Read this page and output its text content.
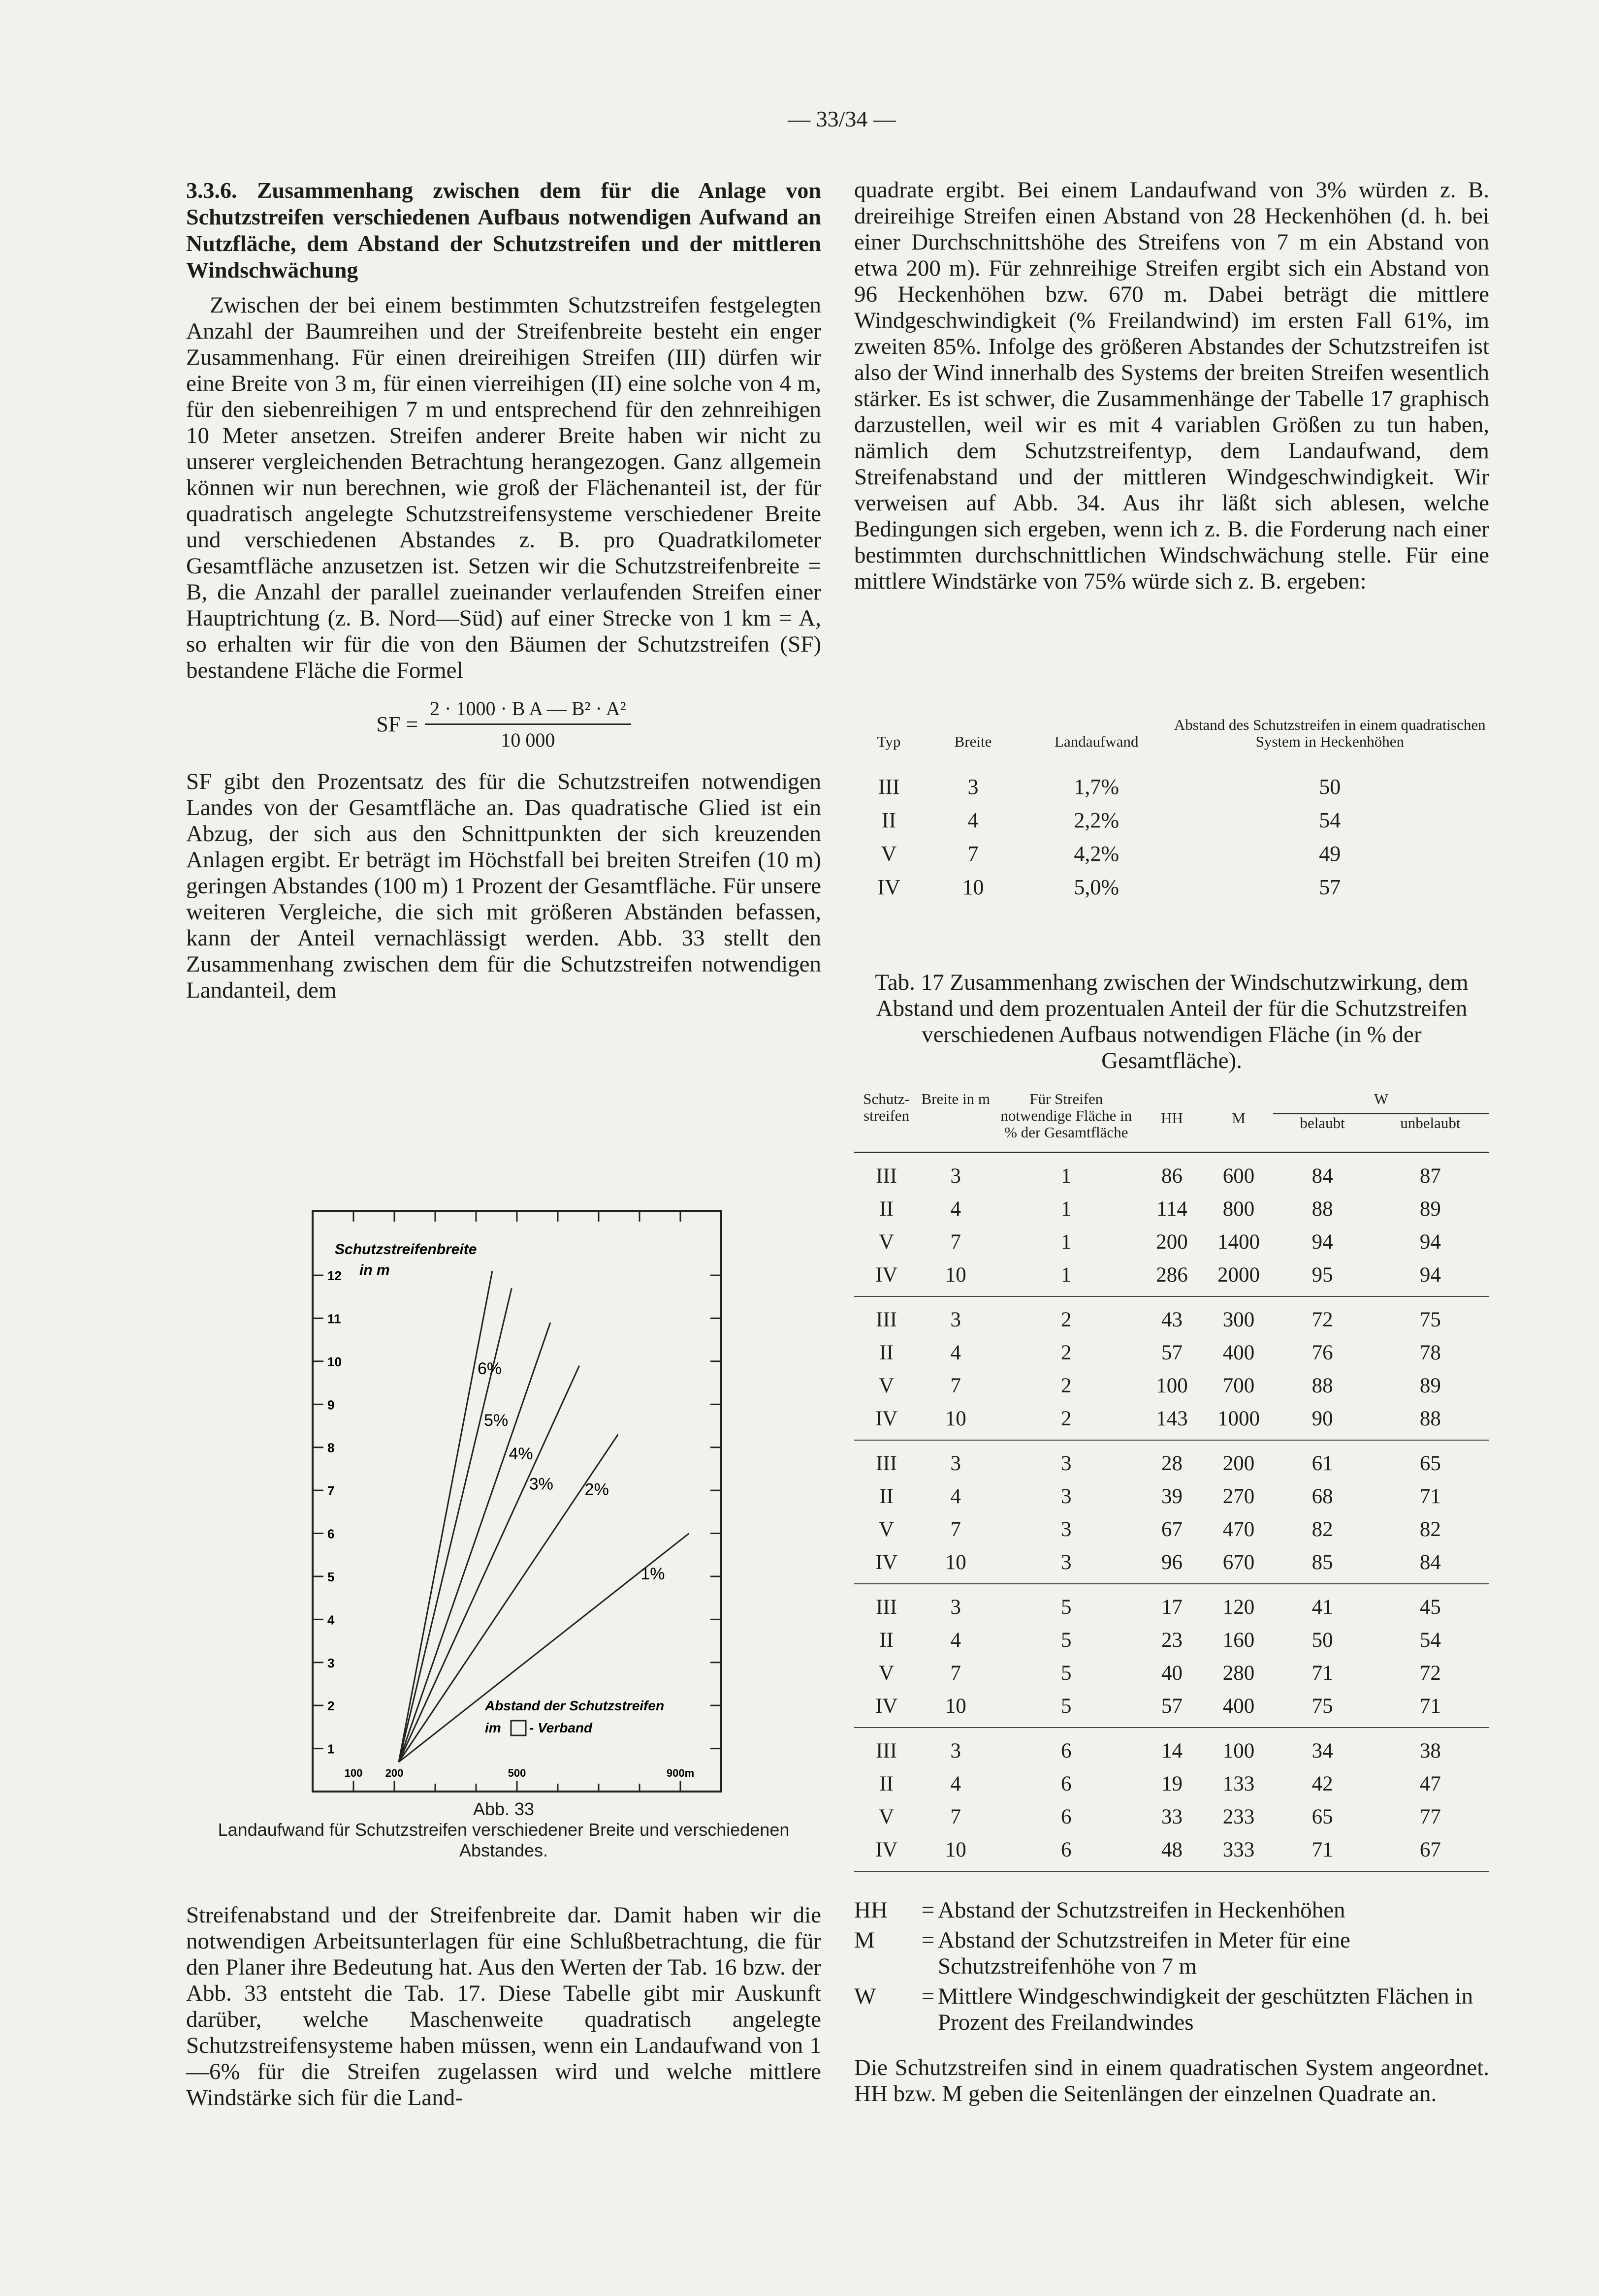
— 33/34 —
3.3.6. Zusammenhang zwischen dem für die Anlage von Schutzstreifen verschiedenen Aufbaus notwendigen Aufwand an Nutzfläche, dem Abstand der Schutzstreifen und der mittleren Windschwächung

Zwischen der bei einem bestimmten Schutzstreifen festgelegten Anzahl der Baumreihen und der Streifenbreite besteht ein enger Zusammenhang. Für einen dreireihigen Streifen (III) dürfen wir eine Breite von 3 m, für einen vierreihigen (II) eine solche von 4 m, für den siebenreihigen 7 m und entsprechend für den zehnreihigen 10 Meter ansetzen. Streifen anderer Breite haben wir nicht zu unserer vergleichenden Betrachtung herangezogen. Ganz allgemein können wir nun berechnen, wie groß der Flächenanteil ist, der für quadratisch angelegte Schutzstreifensysteme verschiedener Breite und verschiedenen Abstandes z. B. pro Quadratkilometer Gesamtfläche anzusetzen ist. Setzen wir die Schutzstreifenbreite = B, die Anzahl der parallel zueinander verlaufenden Streifen einer Hauptrichtung (z. B. Nord—Süd) auf einer Strecke von 1 km = A, so erhalten wir für die von den Bäumen der Schutzstreifen (SF) bestandene Fläche die Formel

SF = $\frac{\text{2 · 1000 · B A — B² · A²}}{10 000}$

SF gibt den Prozentsatz des für die Schutzstreifen notwendigen Landes von der Gesamtfläche an. Das quadratische Glied ist ein Abzug, der sich aus den Schnittpunkten der sich kreuzenden Anlagen ergibt. Er beträgt im Höchstfall bei breiten Streifen (10 m) geringen Abstandes (100 m) 1 Prozent der Gesamtfläche. Für unsere weiteren Vergleiche, die sich mit größeren Abständen befassen, kann der Anteil vernachlässigt werden. Abb. 33 stellt den Zusammenhang zwischen dem für die Schutzstreifen notwendigen Landanteil, dem

1
2
3
4
5
6
7
8
9
10
11
12
100 200	500	900m
1%
2%
3%
4%
5%
6%
Schutzstreifenbreite
in m
Abstand der Schutzstreifen
im - Verband
Abb. 33
Landaufwand für Schutzstreifen verschiedener Breite und verschiedenen Abstandes.

Streifenabstand und der Streifenbreite dar. Damit haben wir die notwendigen Arbeitsunterlagen für eine Schlußbetrachtung, die für den Planer ihre Bedeutung hat. Aus den Werten der Tab. 16 bzw. der Abb. 33 entsteht die Tab. 17. Diese Tabelle gibt mir Auskunft darüber, welche Maschenweite quadratisch angelegte Schutzstreifensysteme haben müssen, wenn ein Landaufwand von 1—6% für die Streifen zugelassen wird und welche mittlere Windstärke sich für die Land-

quadrate ergibt. Bei einem Landaufwand von 3% würden z. B. dreireihige Streifen einen Abstand von 28 Heckenhöhen (d. h. bei einer Durchschnittshöhe des Streifens von 7 m ein Abstand von etwa 200 m). Für zehnreihige Streifen ergibt sich ein Abstand von 96 Heckenhöhen bzw. 670 m. Dabei beträgt die mittlere Windgeschwindigkeit (% Freilandwind) im ersten Fall 61%, im zweiten 85%. Infolge des größeren Abstandes der Schutzstreifen ist also der Wind innerhalb des Systems der breiten Streifen wesentlich stärker. Es ist schwer, die Zusammenhänge der Tabelle 17 graphisch darzustellen, weil wir es mit 4 variablen Größen zu tun haben, nämlich dem Schutzstreifentyp, dem Landaufwand, dem Streifenabstand und der mittleren Windgeschwindigkeit. Wir verweisen auf Abb. 34. Aus ihr läßt sich ablesen, welche Bedingungen sich ergeben, wenn ich z. B. die Forderung nach einer bestimmten durchschnittlichen Windschwächung stelle. Für eine mittlere Windstärke von 75% würde sich z. B. ergeben:

Typ	Breite	Landaufwand	Abstand des Schutzstreifen in einem quadratischen System in Heckenhöhen
III	3	1,7%	50
II	4	2,2%	54
V	7	4,2%	49
IV	10	5,0%	57
Tab. 17 Zusammenhang zwischen der Windschutzwirkung, dem Abstand und dem prozentualen Anteil der für die Schutzstreifen verschiedenen Aufbaus notwendigen Fläche (in % der Gesamtfläche).
Schutz- streifen	Breite in m	Für Streifen notwendige Fläche in % der Gesamtfläche	HH	M	W	
					belaubt	unbelaubt
III	3	1	86	600	84	87
II	4	1	114	800	88	89
V	7	1	200	1400	94	94
IV	10	1	286	2000	95	94
III	3	2	43	300	72	75
II	4	2	57	400	76	78
V	7	2	100	700	88	89
IV	10	2	143	1000	90	88
III	3	3	28	200	61	65
II	4	3	39	270	68	71
V	7	3	67	470	82	82
IV	10	3	96	670	85	84
III	3	5	17	120	41	45
II	4	5	23	160	50	54
V	7	5	40	280	71	72
IV	10	5	57	400	75	71
III	3	6	14	100	34	38
II	4	6	19	133	42	47
V	7	6	33	233	65	77
IV	10	6	48	333	71	67
HH	= Abstand der Schutzstreifen in Heckenhöhen
M	= Abstand der Schutzstreifen in Meter für eine Schutzstreifenhöhe von 7 m
W	= Mittlere Windgeschwindigkeit der geschützten Flächen in Prozent des Freilandwindes
Die Schutzstreifen sind in einem quadratischen System angeordnet. HH bzw. M geben die Seitenlängen der einzelnen Quadrate an.
